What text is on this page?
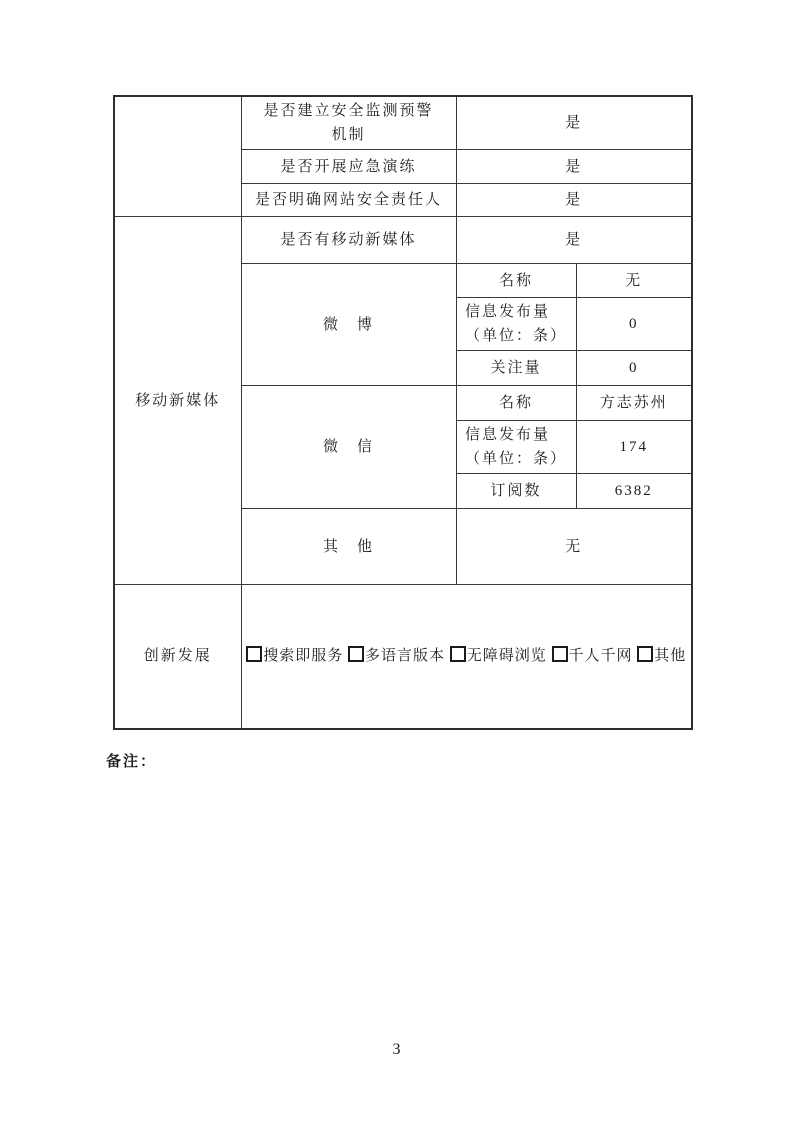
	是否建立安全监测预警
机制	是	
	是否开展应急演练	是	
	是否明确网站安全责任人	是	
移动新媒体	是否有移动新媒体	是	
	微　博	名称	无

		信息发布量
（单位：条）	0
		关注量	0
	微　信	名称	方志苏州

		信息发布量
（单位：条）	174
		订阅数	6382
	其　他	无	
创新发展	搜索即服务 多语言版本 无障碍浏览 千人千网 其他		
备注：
3
